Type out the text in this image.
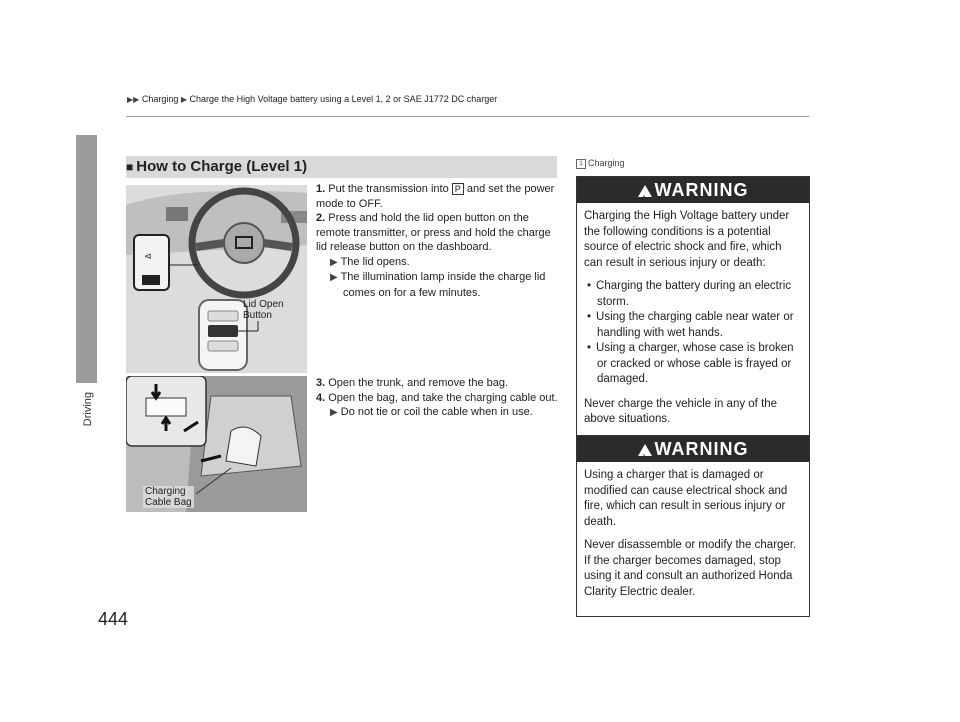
▶▶ Charging ▶ Charge the High Voltage battery using a Level 1, 2 or SAE J1772 DC charger
Driving
444
■ How to Charge (Level 1)
⊲
Lid Open
Button
Charging
Cable Bag
1. Put the transmission into P and set the power mode to OFF.
2. Press and hold the lid open button on the remote transmitter, or press and hold the charge lid release button on the dashboard.
▶ The lid opens.
▶ The illumination lamp inside the charge lid comes on for a few minutes.
3. Open the trunk, and remove the bag.
4. Open the bag, and take the charging cable out.
▶ Do not tie or coil the cable when in use.
1 Charging
!WARNING

Charging the High Voltage battery under the following conditions is a potential source of electric shock and fire, which can result in serious injury or death:

• Charging the battery during an electric storm.
• Using the charging cable near water or handling with wet hands.
• Using a charger, whose case is broken or cracked or whose cable is frayed or damaged.

Never charge the vehicle in any of the above situations.

!WARNING

Using a charger that is damaged or modified can cause electrical shock and fire, which can result in serious injury or death.

Never disassemble or modify the charger. If the charger becomes damaged, stop using it and consult an authorized Honda Clarity Electric dealer.
